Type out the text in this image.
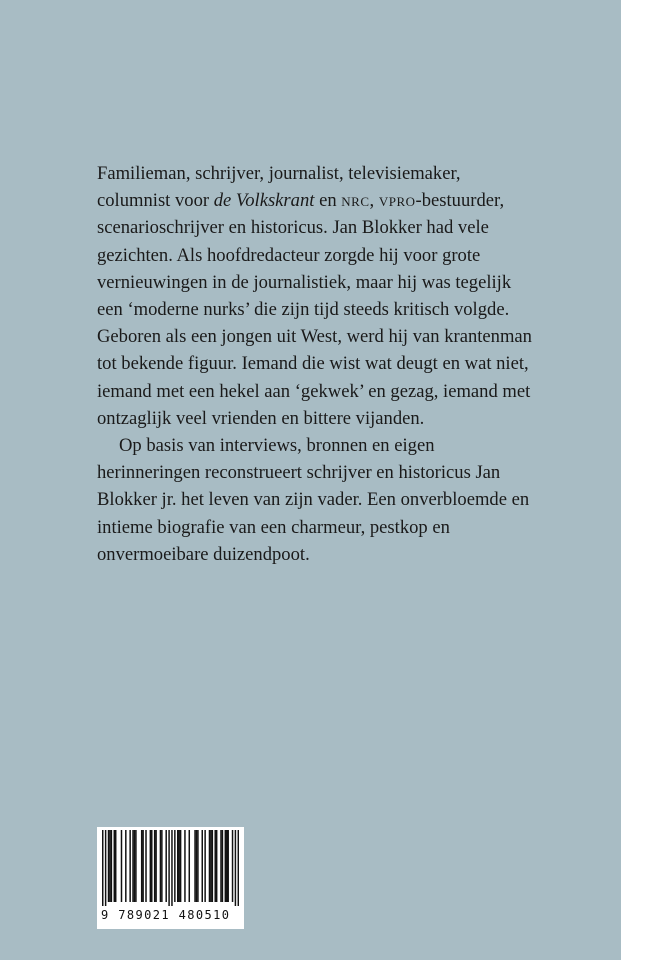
Familieman, schrijver, journalist, televisiemaker, columnist voor de Volkskrant en nrc, vpro-bestuurder, scenarioschrijver en historicus. Jan Blokker had vele gezichten. Als hoofdredacteur zorgde hij voor grote vernieuwingen in de journalistiek, maar hij was tegelijk een ‘moderne nurks’ die zijn tijd steeds kritisch volgde. Geboren als een jongen uit West, werd hij van krantenman tot bekende figuur. Iemand die wist wat deugt en wat niet, iemand met een hekel aan ‘gekwek’ en gezag, iemand met ontzaglijk veel vrienden en bittere vijanden.

Op basis van interviews, bronnen en eigen herinneringen reconstrueert schrijver en historicus Jan Blokker jr. het leven van zijn vader. Een onverbloemde en intieme biografie van een charmeur, pestkop en onvermoeibare duizendpoot.

9 789021 480510
